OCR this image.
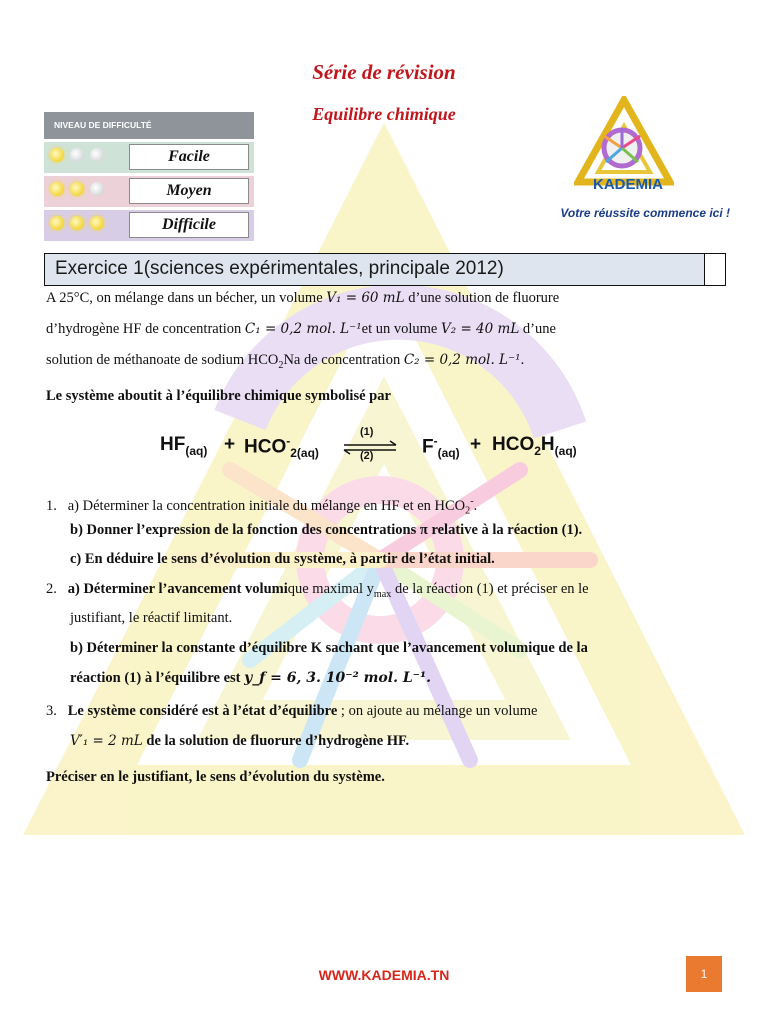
Série de révision
Equilibre chimique
NIVEAU DE DIFFICULTÉ
Facile
Moyen
Difficile
KADEMIA
Votre réussite commence ici !
Exercice 1(sciences expérimentales, principale 2012)
A 25°C, on mélange dans un bécher, un volume V₁ = 60 mL d’une solution de fluorure
d’hydrogène HF de concentration C₁ = 0,2 mol. L⁻¹et un volume V₂ = 40 mL d’une
solution de méthanoate de sodium $HCO_2Na$ de concentration C₂ = 0,2 mol. L⁻¹.
Le système aboutit à l’équilibre chimique symbolisé par
$HF_{(aq)} + HCO^-_{2(aq)}$ ⇌
(1)
(2)	$F^-_{(aq)} + HCO_2H_{(aq)}$
1. a) Déterminer la concentration initiale du mélange en HF et en $HCO_2^-$.
b) Donner l’expression de la fonction des concentrations π relative à la réaction (1).
c) En déduire le sens d’évolution du système, à partir de l’état initial.
2. a) Déterminer l’avancement volumique maximal $y_{max}$ de la réaction (1) et préciser en le
justifiant, le réactif limitant.
b) Déterminer la constante d’équilibre K sachant que l’avancement volumique de la
réaction (1) à l’équilibre est y_f = 6, 3. 10⁻² mol. L⁻¹.
3. Le système considéré est à l’état d’équilibre ; on ajoute au mélange un volume
V′₁ = 2 mL de la solution de fluorure d’hydrogène HF.
Préciser en le justifiant, le sens d’évolution du système.
WWW.KADEMIA.TN	1
